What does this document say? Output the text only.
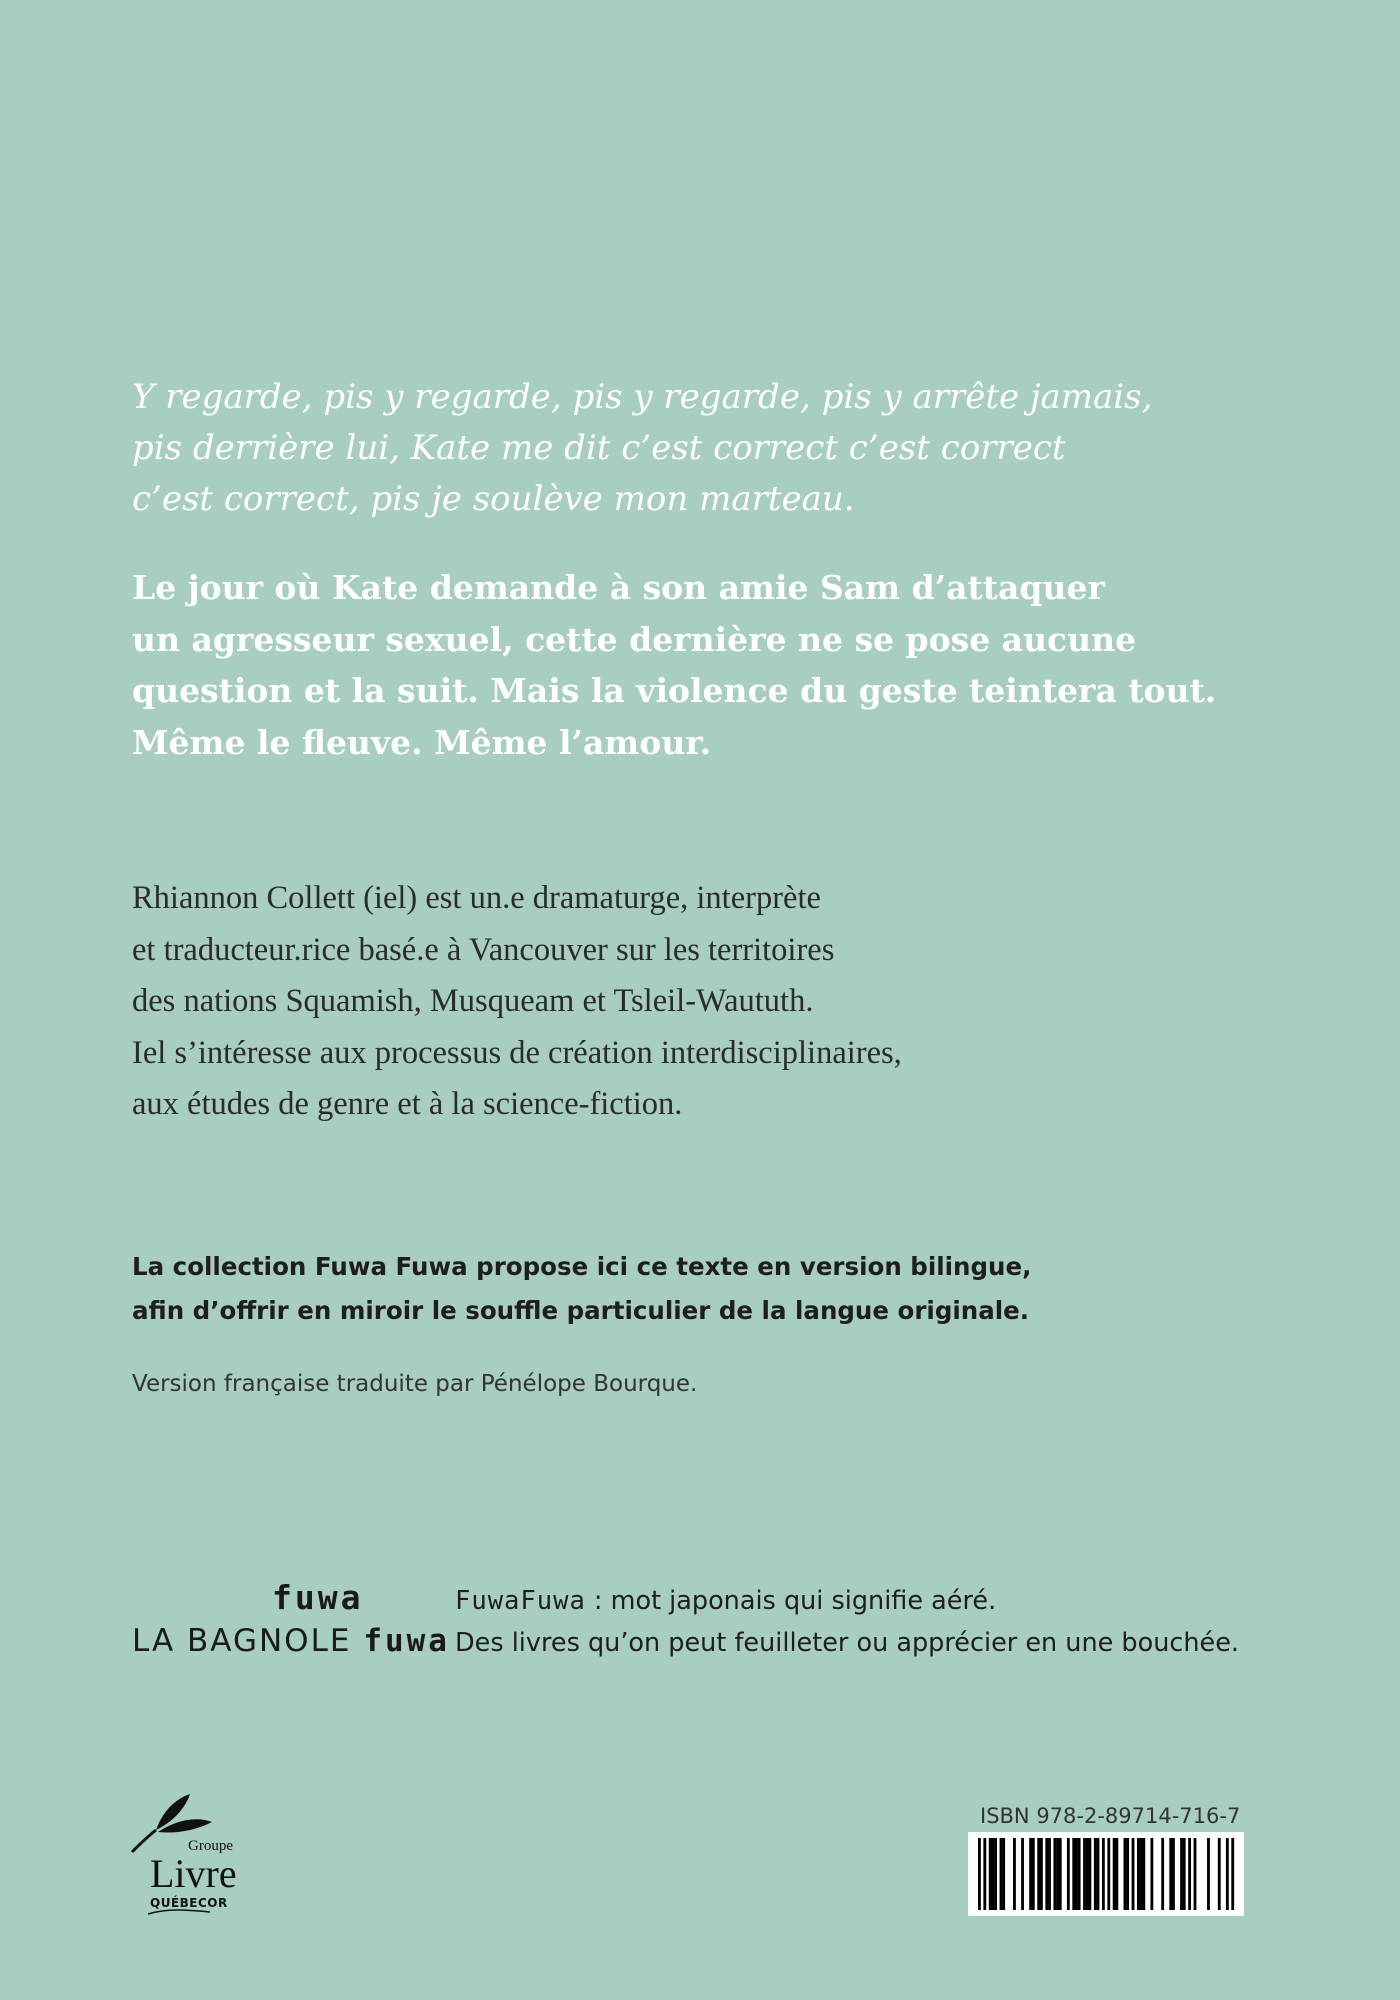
Y regarde, pis y regarde, pis y regarde, pis y arrête jamais,
pis derrière lui, Kate me dit c’est correct c’est correct
c’est correct, pis je soulève mon marteau.
Le jour où Kate demande à son amie Sam d’attaquer
un agresseur sexuel, cette dernière ne se pose aucune
question et la suit. Mais la violence du geste teintera tout.
Même le fleuve. Même l’amour.
Rhiannon Collett (iel) est un.e dramaturge, interprète
et traducteur.rice basé.e à Vancouver sur les territoires
des nations Squamish, Musqueam et Tsleil-Waututh.
Iel s’intéresse aux processus de création interdisciplinaires,
aux études de genre et à la science-fiction.
La collection Fuwa Fuwa propose ici ce texte en version bilingue,
afin d’offrir en miroir le souffle particulier de la langue originale.
Version française traduite par Pénélope Bourque.
fuwa
LA BAGNOLE fuwa
FuwaFuwa : mot japonais qui signifie aéré.
Des livres qu’on peut feuilleter ou apprécier en une bouchée.
Groupe
Livre
QUÉBECOR
ISBN 978-2-89714-716-7
